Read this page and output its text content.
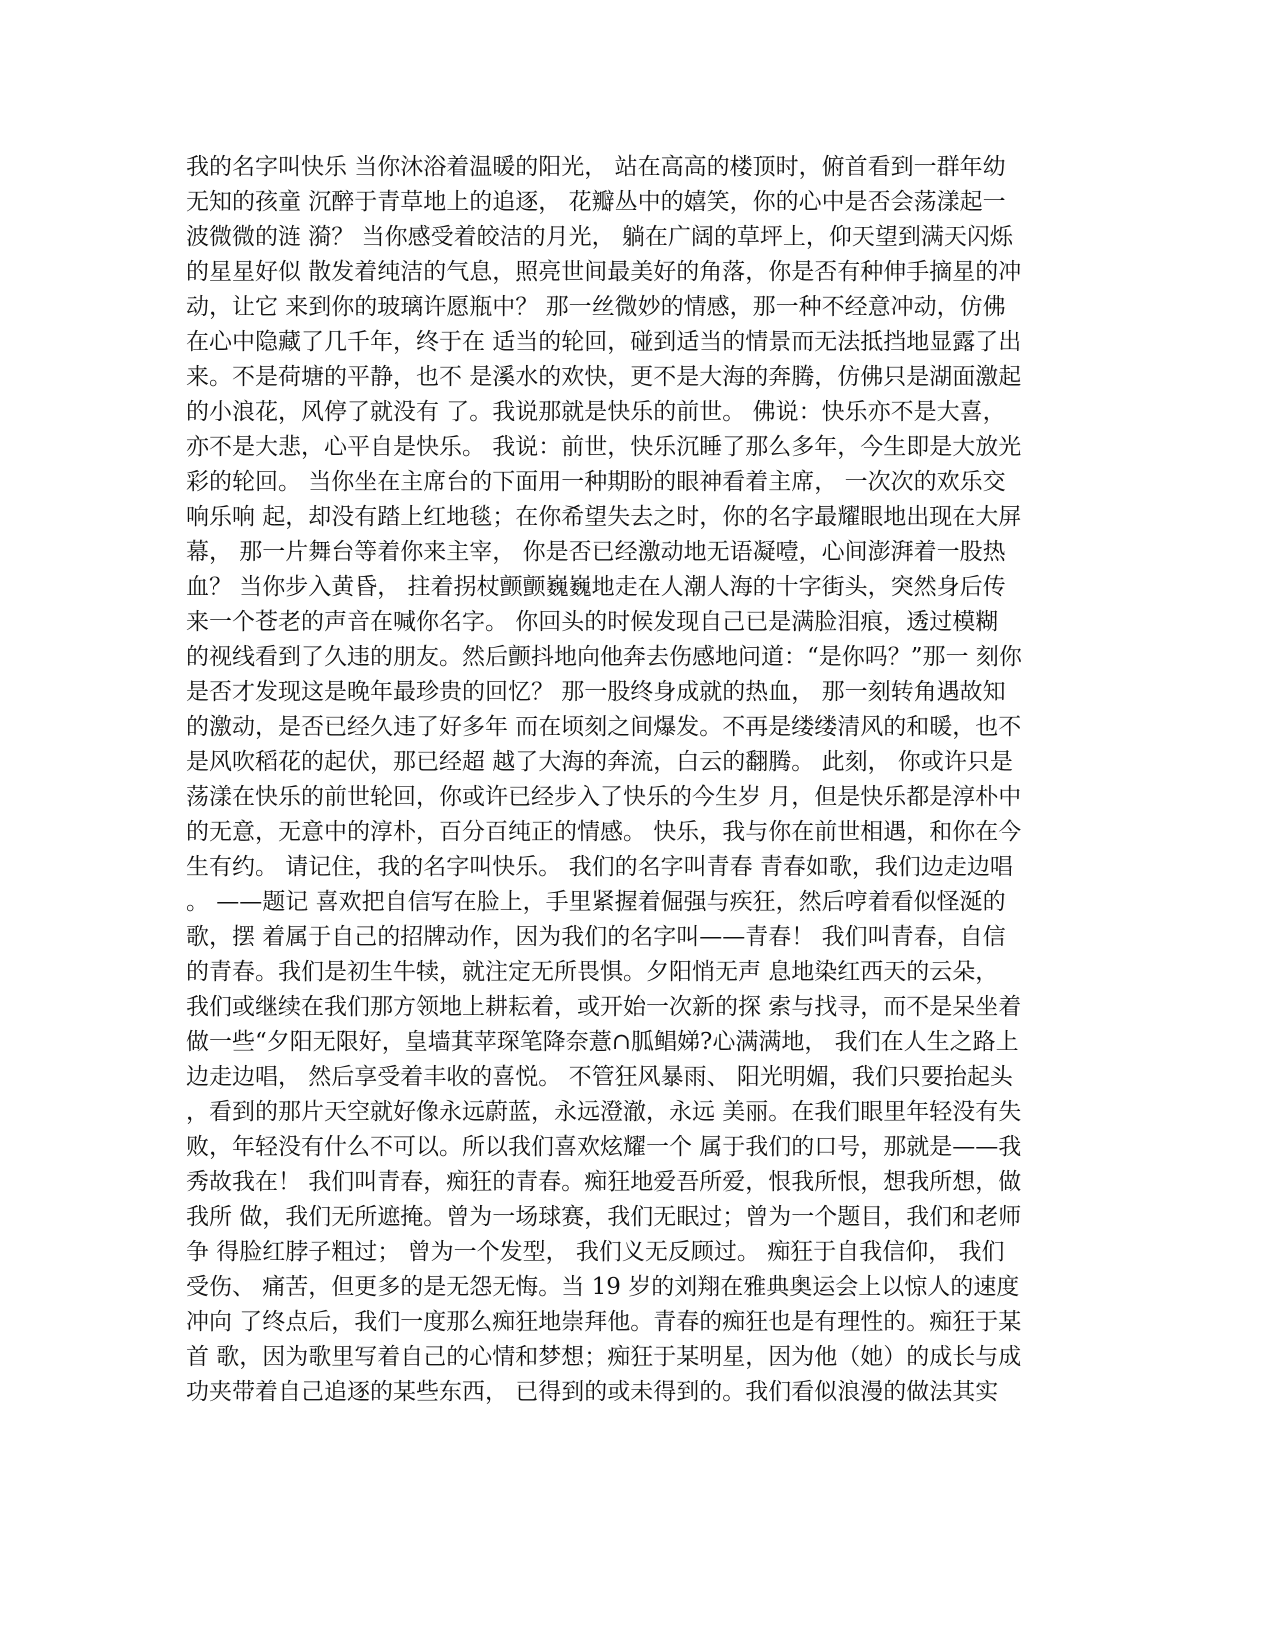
我的名字叫快乐 当你沐浴着温暖的阳光， 站在高高的楼顶时，俯首看到一群年幼
无知的孩童 沉醉于青草地上的追逐， 花瓣丛中的嬉笑，你的心中是否会荡漾起一
波微微的涟 漪？ 当你感受着皎洁的月光， 躺在广阔的草坪上，仰天望到满天闪烁
的星星好似 散发着纯洁的气息，照亮世间最美好的角落，你是否有种伸手摘星的冲
动，让它 来到你的玻璃许愿瓶中？ 那一丝微妙的情感，那一种不经意冲动，仿佛
在心中隐藏了几千年，终于在 适当的轮回，碰到适当的情景而无法抵挡地显露了出
来。不是荷塘的平静，也不 是溪水的欢快，更不是大海的奔腾，仿佛只是湖面激起
的小浪花，风停了就没有 了。我说那就是快乐的前世。 佛说：快乐亦不是大喜，
亦不是大悲，心平自是快乐。 我说：前世，快乐沉睡了那么多年，今生即是大放光
彩的轮回。 当你坐在主席台的下面用一种期盼的眼神看着主席， 一次次的欢乐交
响乐响 起，却没有踏上红地毯；在你希望失去之时，你的名字最耀眼地出现在大屏
幕， 那一片舞台等着你来主宰， 你是否已经激动地无语凝噎，心间澎湃着一股热
血？ 当你步入黄昏， 拄着拐杖颤颤巍巍地走在人潮人海的十字街头，突然身后传
来一个苍老的声音在喊你名字。 你回头的时候发现自己已是满脸泪痕，透过模糊
的视线看到了久违的朋友。然后颤抖地向他奔去伤感地问道：“是你吗？”那一 刻你
是否才发现这是晚年最珍贵的回忆？ 那一股终身成就的热血， 那一刻转角遇故知
的激动，是否已经久违了好多年 而在顷刻之间爆发。不再是缕缕清风的和暖，也不
是风吹稻花的起伏，那已经超 越了大海的奔流，白云的翻腾。 此刻， 你或许只是
荡漾在快乐的前世轮回，你或许已经步入了快乐的今生岁 月，但是快乐都是淳朴中
的无意，无意中的淳朴，百分百纯正的情感。 快乐，我与你在前世相遇，和你在今
生有约。 请记住，我的名字叫快乐。 我们的名字叫青春 青春如歌，我们边走边唱
。 ——题记 喜欢把自信写在脸上，手里紧握着倔强与疾狂，然后哼着看似怪涎的
歌，摆 着属于自己的招牌动作，因为我们的名字叫——青春！ 我们叫青春，自信
的青春。我们是初生牛犊，就注定无所畏惧。夕阳悄无声 息地染红西天的云朵，
我们或继续在我们那方领地上耕耘着，或开始一次新的探 索与找寻，而不是呆坐着
做一些“夕阳无限好，皇墙萁苹琛笔降奈薏∩胍鲳娣?心满满地， 我们在人生之路上
边走边唱， 然后享受着丰收的喜悦。 不管狂风暴雨、 阳光明媚，我们只要抬起头
，看到的那片天空就好像永远蔚蓝，永远澄澈，永远 美丽。在我们眼里年轻没有失
败，年轻没有什么不可以。所以我们喜欢炫耀一个 属于我们的口号，那就是——我
秀故我在！ 我们叫青春，痴狂的青春。痴狂地爱吾所爱，恨我所恨，想我所想，做
我所 做，我们无所遮掩。曾为一场球赛，我们无眠过；曾为一个题目，我们和老师
争 得脸红脖子粗过； 曾为一个发型， 我们义无反顾过。 痴狂于自我信仰， 我们
受伤、 痛苦，但更多的是无怨无悔。当 19 岁的刘翔在雅典奥运会上以惊人的速度
冲向 了终点后，我们一度那么痴狂地崇拜他。青春的痴狂也是有理性的。痴狂于某
首 歌，因为歌里写着自己的心情和梦想；痴狂于某明星，因为他（她）的成长与成
功夹带着自己追逐的某些东西， 已得到的或未得到的。我们看似浪漫的做法其实
